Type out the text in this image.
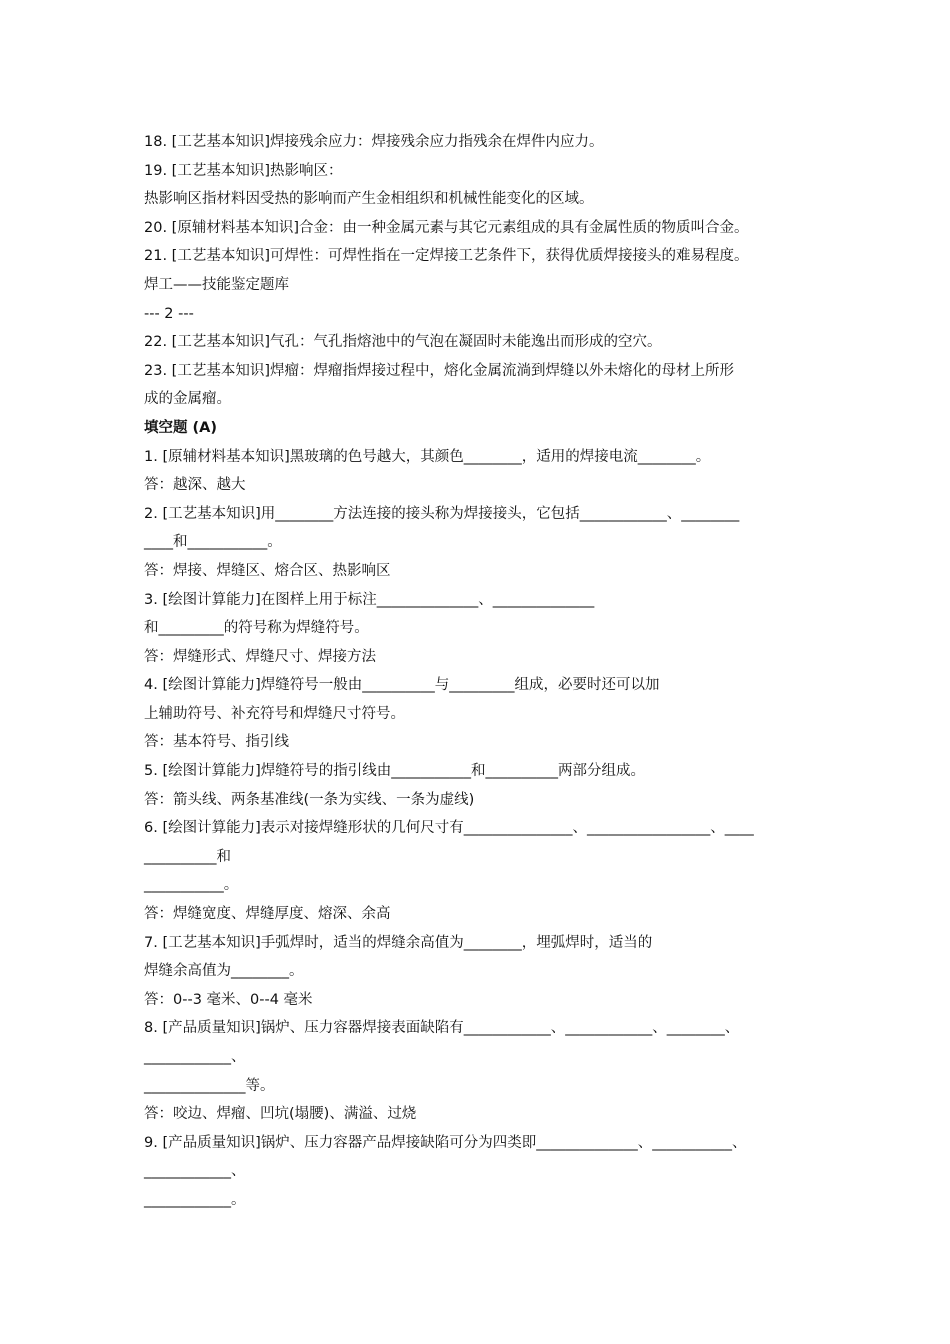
18. [工艺基本知识]焊接残余应力：焊接残余应力指残余在焊件内应力。
19. [工艺基本知识]热影响区：
热影响区指材料因受热的影响而产生金相组织和机械性能变化的区域。
20. [原辅材料基本知识]合金：由一种金属元素与其它元素组成的具有金属性质的物质叫合金。
21. [工艺基本知识]可焊性：可焊性指在一定焊接工艺条件下，获得优质焊接接头的难易程度。
焊工——技能鉴定题库
--- 2 ---
22. [工艺基本知识]气孔：气孔指熔池中的气泡在凝固时未能逸出而形成的空穴。
23. [工艺基本知识]焊瘤：焊瘤指焊接过程中，熔化金属流淌到焊缝以外未熔化的母材上所形
成的金属瘤。
填空题 (A)
1. [原辅材料基本知识]黑玻璃的色号越大，其颜色________，适用的焊接电流________。
答：越深、越大
2. [工艺基本知识]用________方法连接的接头称为焊接接头，它包括____________、________
____和___________。
答：焊接、焊缝区、熔合区、热影响区
3. [绘图计算能力]在图样上用于标注______________、______________
和_________的符号称为焊缝符号。
答：焊缝形式、焊缝尺寸、焊接方法
4. [绘图计算能力]焊缝符号一般由__________与_________组成，必要时还可以加
上辅助符号、补充符号和焊缝尺寸符号。
答：基本符号、指引线
5. [绘图计算能力]焊缝符号的指引线由___________和__________两部分组成。
答：箭头线、两条基准线(一条为实线、一条为虚线)
6. [绘图计算能力]表示对接焊缝形状的几何尺寸有_______________、_________________、____
__________和
___________。
答：焊缝宽度、焊缝厚度、熔深、余高
7. [工艺基本知识]手弧焊时，适当的焊缝余高值为________，埋弧焊时，适当的
焊缝余高值为________。
答：0--3 毫米、0--4 毫米
8. [产品质量知识]锅炉、压力容器焊接表面缺陷有____________、____________、________、
____________、
______________等。
答：咬边、焊瘤、凹坑(塌腰)、满溢、过烧
9. [产品质量知识]锅炉、压力容器产品焊接缺陷可分为四类即______________、___________、
____________、
____________。
